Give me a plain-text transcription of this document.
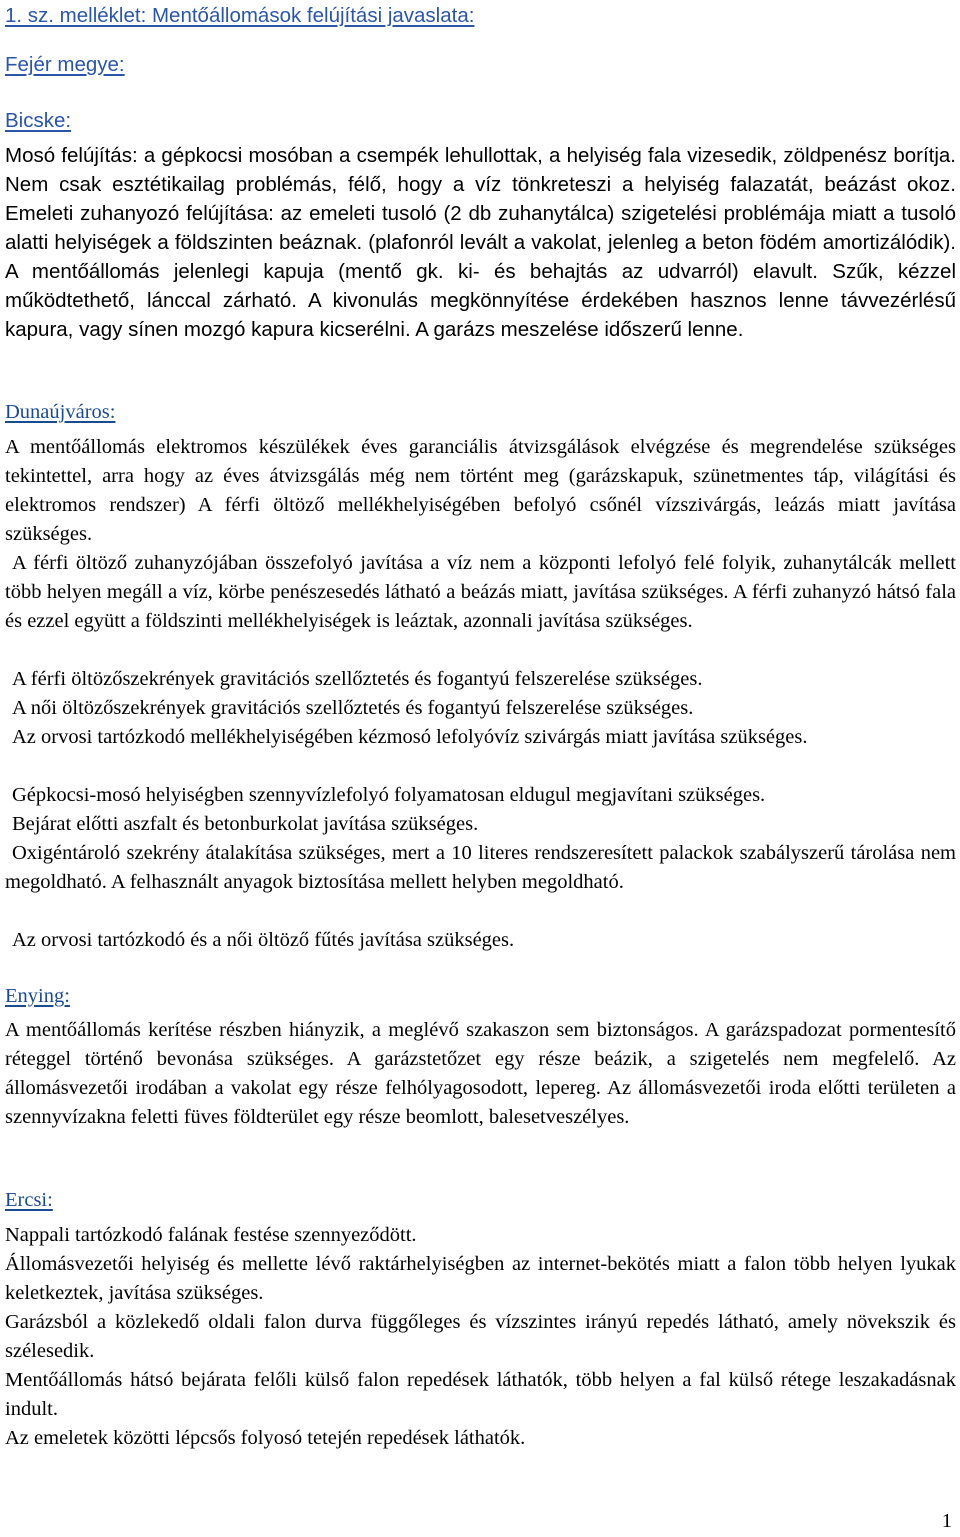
1. sz. melléklet: Mentőállomások felújítási javaslata:
Fejér megye:
Bicske:
Mosó felújítás: a gépkocsi mosóban a csempék lehullottak, a helyiség fala vizesedik, zöldpenész borítja. Nem csak esztétikailag problémás, félő, hogy a víz tönkreteszi a helyiség falazatát, beázást okoz. Emeleti zuhanyozó felújítása: az emeleti tusoló (2 db zuhanytálca) szigetelési problémája miatt a tusoló alatti helyiségek a földszinten beáznak. (plafonról levált a vakolat, jelenleg a beton födém amortizálódik). A mentőállomás jelenlegi kapuja (mentő gk. ki- és behajtás az udvarról) elavult. Szűk, kézzel működtethető, lánccal zárható. A kivonulás megkönnyítése érdekében hasznos lenne távvezérlésű kapura, vagy sínen mozgó kapura kicserélni. A garázs meszelése időszerű lenne.
Dunaújváros:
A mentőállomás elektromos készülékek éves garanciális átvizsgálások elvégzése és megrendelése szükséges tekintettel, arra hogy az éves átvizsgálás még nem történt meg (garázskapuk, szünetmentes táp, világítási és elektromos rendszer) A férfi öltöző mellékhelyiségében befolyó csőnél vízszivárgás, leázás miatt javítása szükséges.
A férfi öltöző zuhanyzójában összefolyó javítása a víz nem a központi lefolyó felé folyik, zuhanytálcák mellett több helyen megáll a víz, körbe penészesedés látható a beázás miatt, javítása szükséges. A férfi zuhanyzó hátsó fala és ezzel együtt a földszinti mellékhelyiségek is leáztak, azonnali javítása szükséges.
A férfi öltözőszekrények gravitációs szellőztetés és fogantyú felszerelése szükséges.
A női öltözőszekrények gravitációs szellőztetés és fogantyú felszerelése szükséges.
Az orvosi tartózkodó mellékhelyiségében kézmosó lefolyóvíz szivárgás miatt javítása szükséges.
Gépkocsi-mosó helyiségben szennyvízlefolyó folyamatosan eldugul megjavítani szükséges.
Bejárat előtti aszfalt és betonburkolat javítása szükséges.
Oxigéntároló szekrény átalakítása szükséges, mert a 10 literes rendszeresített palackok szabályszerű tárolása nem megoldható. A felhasznált anyagok biztosítása mellett helyben megoldható.
Az orvosi tartózkodó és a női öltöző fűtés javítása szükséges.
Enying:
A mentőállomás kerítése részben hiányzik, a meglévő szakaszon sem biztonságos. A garázspadozat pormentesítő réteggel történő bevonása szükséges. A garázstetőzet egy része beázik, a szigetelés nem megfelelő. Az állomásvezetői irodában a vakolat egy része felhólyagosodott, lepereg. Az állomásvezetői iroda előtti területen a szennyvízakna feletti füves földterület egy része beomlott, balesetveszélyes.
Ercsi:
Nappali tartózkodó falának festése szennyeződött.
Állomásvezetői helyiség és mellette lévő raktárhelyiségben az internet-bekötés miatt a falon több helyen lyukak keletkeztek, javítása szükséges.
Garázsból a közlekedő oldali falon durva függőleges és vízszintes irányú repedés látható, amely növekszik és szélesedik.
Mentőállomás hátsó bejárata felőli külső falon repedések láthatók, több helyen a fal külső rétege leszakadásnak indult.
Az emeletek közötti lépcsős folyosó tetején repedések láthatók.
1
